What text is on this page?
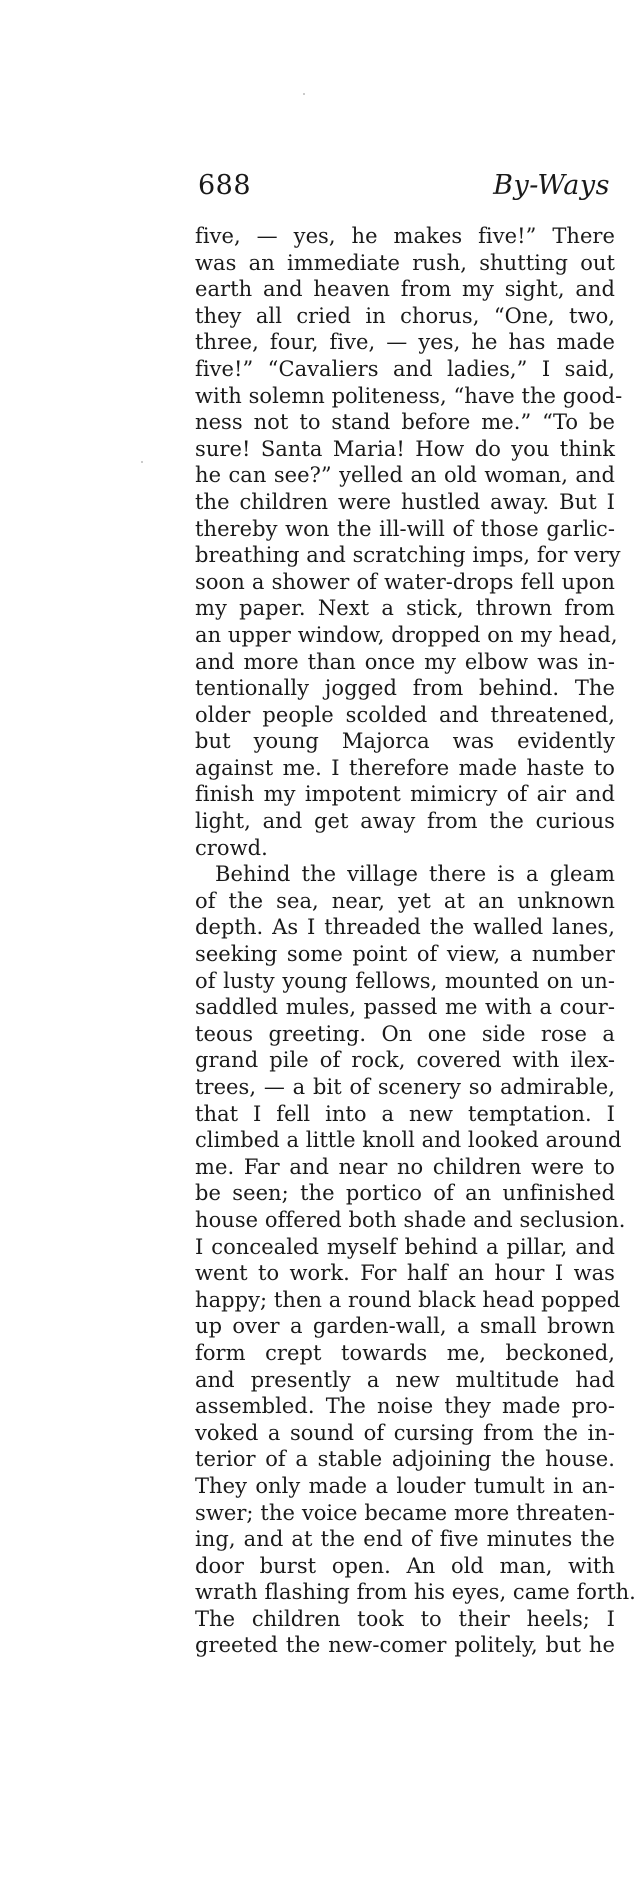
688	By-Ways
five, — yes, he makes five!” There
was an immediate rush, shutting out
earth and heaven from my sight, and
they all cried in chorus, “One, two,
three, four, five, — yes, he has made
five!” “Cavaliers and ladies,” I said,
with solemn politeness, “have the good-
ness not to stand before me.” “To be
sure! Santa Maria! How do you think
he can see?” yelled an old woman, and
the children were hustled away. But I
thereby won the ill-will of those garlic-
breathing and scratching imps, for very
soon a shower of water-drops fell upon
my paper. Next a stick, thrown from
an upper window, dropped on my head,
and more than once my elbow was in-
tentionally jogged from behind. The
older people scolded and threatened,
but young Majorca was evidently
against me. I therefore made haste to
finish my impotent mimicry of air and
light, and get away from the curious
crowd.
Behind the village there is a gleam
of the sea, near, yet at an unknown
depth. As I threaded the walled lanes,
seeking some point of view, a number
of lusty young fellows, mounted on un-
saddled mules, passed me with a cour-
teous greeting. On one side rose a
grand pile of rock, covered with ilex-
trees, — a bit of scenery so admirable,
that I fell into a new temptation. I
climbed a little knoll and looked around
me. Far and near no children were to
be seen; the portico of an unfinished
house offered both shade and seclusion.
I concealed myself behind a pillar, and
went to work. For half an hour I was
happy; then a round black head popped
up over a garden-wall, a small brown
form crept towards me, beckoned,
and presently a new multitude had
assembled. The noise they made pro-
voked a sound of cursing from the in-
terior of a stable adjoining the house.
They only made a louder tumult in an-
swer; the voice became more threaten-
ing, and at the end of five minutes the
door burst open. An old man, with
wrath flashing from his eyes, came forth.
The children took to their heels; I
greeted the new-comer politely, but he
